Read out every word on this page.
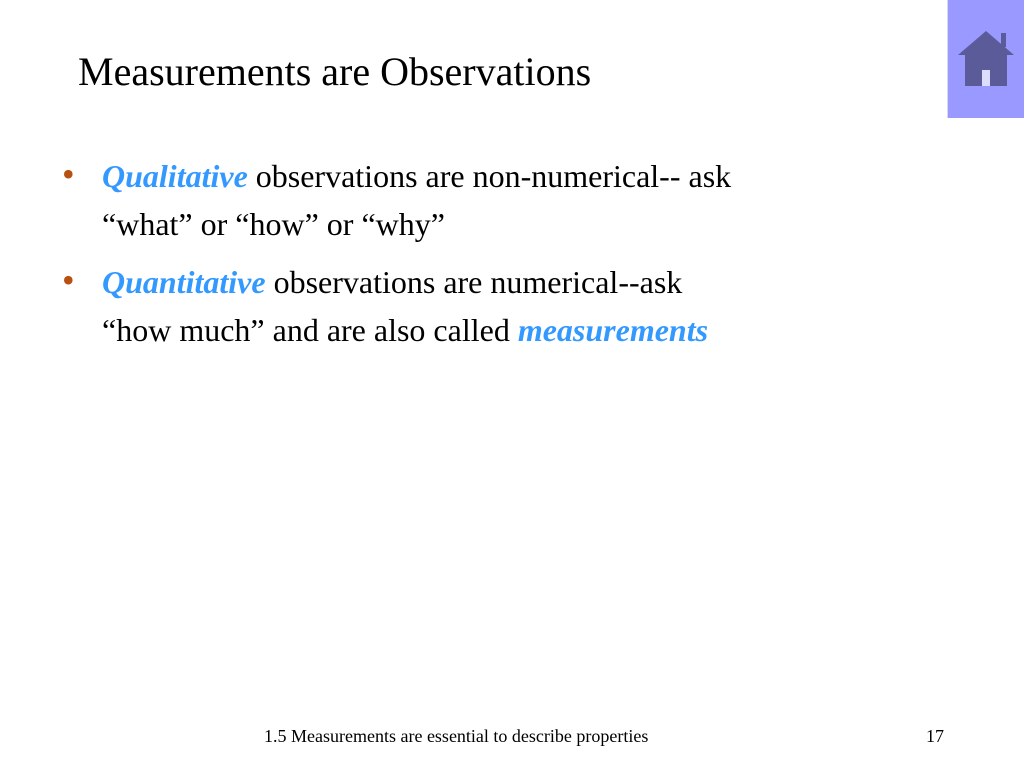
Measurements are Observations
• Qualitative observations are non-numerical-- ask
“what” or “how” or “why”
• Quantitative observations are numerical--ask
“how much” and are also called measurements
1.5 Measurements are essential to describe properties	17
